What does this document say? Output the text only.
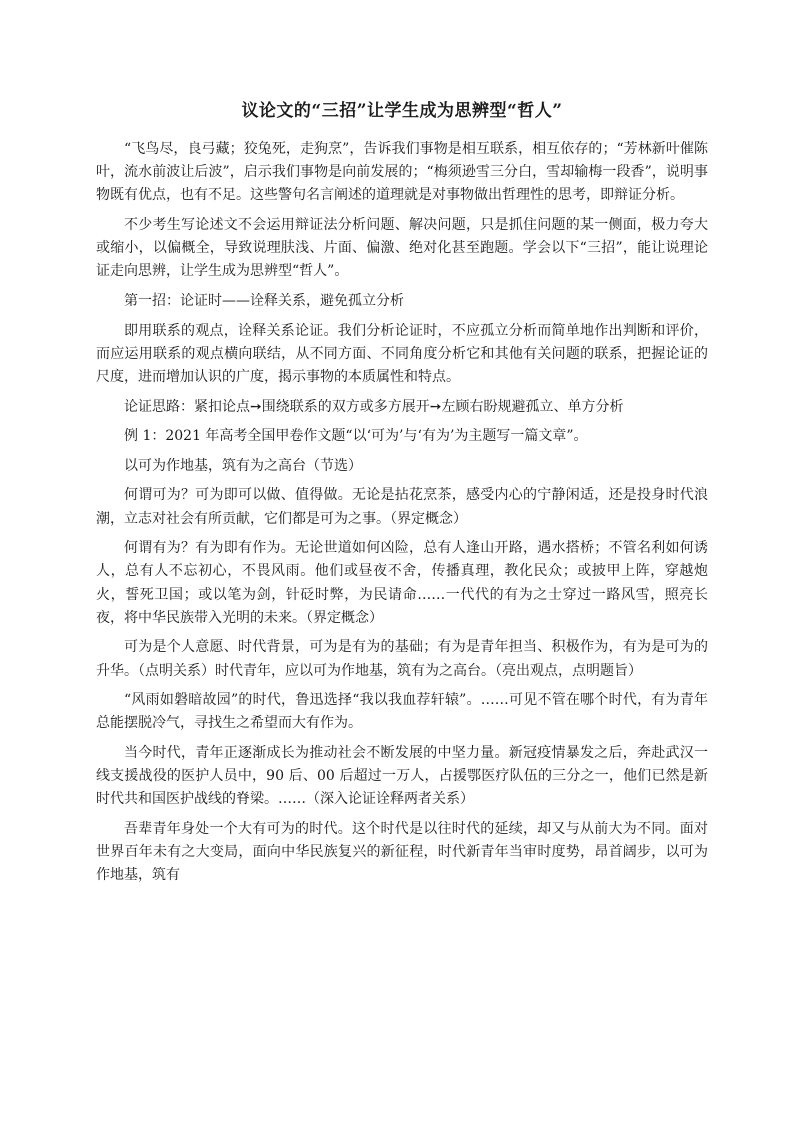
议论文的“三招”让学生成为思辨型“哲人”
“飞鸟尽，良弓藏；狡兔死，走狗烹”，告诉我们事物是相互联系，相互依存的；“芳林新叶催陈叶，流水前波让后波”，启示我们事物是向前发展的；“梅须逊雪三分白，雪却输梅一段香”，说明事物既有优点，也有不足。这些警句名言阐述的道理就是对事物做出哲理性的思考，即辩证分析。
不少考生写论述文不会运用辩证法分析问题、解决问题，只是抓住问题的某一侧面，极力夸大或缩小，以偏概全，导致说理肤浅、片面、偏激、绝对化甚至跑题。学会以下“三招”，能让说理论证走向思辨，让学生成为思辨型“哲人”。
第一招：论证时——诠释关系，避免孤立分析
即用联系的观点，诠释关系论证。我们分析论证时，不应孤立分析而简单地作出判断和评价，而应运用联系的观点横向联结，从不同方面、不同角度分析它和其他有关问题的联系，把握论证的尺度，进而增加认识的广度，揭示事物的本质属性和特点。
论证思路：紧扣论点➙围绕联系的双方或多方展开➙左顾右盼规避孤立、单方分析
例 1：2021 年高考全国甲卷作文题“以‘可为’与‘有为’为主题写一篇文章”。
以可为作地基，筑有为之高台（节选）
何谓可为？可为即可以做、值得做。无论是拈花烹茶，感受内心的宁静闲适，还是投身时代浪潮，立志对社会有所贡献，它们都是可为之事。（界定概念）
何谓有为？有为即有作为。无论世道如何凶险，总有人逢山开路，遇水搭桥；不管名利如何诱人，总有人不忘初心，不畏风雨。他们或昼夜不舍，传播真理，教化民众；或披甲上阵，穿越炮火，誓死卫国；或以笔为剑，针砭时弊，为民请命……一代代的有为之士穿过一路风雪，照亮长夜，将中华民族带入光明的未来。（界定概念）
可为是个人意愿、时代背景，可为是有为的基础；有为是青年担当、积极作为，有为是可为的升华。（点明关系）时代青年，应以可为作地基，筑有为之高台。（亮出观点，点明题旨）
“风雨如磐暗故园”的时代，鲁迅选择“我以我血荐轩辕”。……可见不管在哪个时代，有为青年总能摆脱冷气，寻找生之希望而大有作为。
当今时代，青年正逐渐成长为推动社会不断发展的中坚力量。新冠疫情暴发之后，奔赴武汉一线支援战役的医护人员中，90 后、00 后超过一万人，占援鄂医疗队伍的三分之一，他们已然是新时代共和国医护战线的脊梁。……（深入论证诠释两者关系）
吾辈青年身处一个大有可为的时代。这个时代是以往时代的延续，却又与从前大为不同。面对世界百年未有之大变局，面向中华民族复兴的新征程，时代新青年当审时度势，昂首阔步，以可为作地基，筑有
